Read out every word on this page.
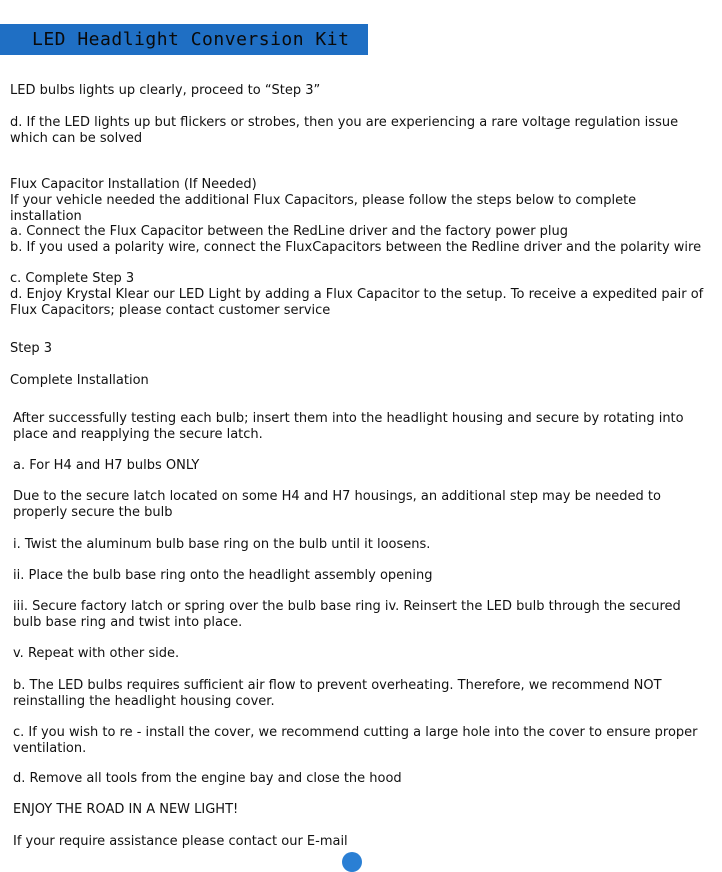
LED Headlight Conversion Kit
LED bulbs lights up clearly, proceed to “Step 3”
d. If the LED lights up but flickers or strobes, then you are experiencing a rare voltage regulation issue which can be solved
Flux Capacitor Installation (If Needed)
If your vehicle needed the additional Flux Capacitors, please follow the steps below to complete installation
a. Connect the Flux Capacitor between the RedLine driver and the factory power plug
b. If you used a polarity wire, connect the FluxCapacitors between the Redline driver and the polarity wire
c. Complete Step 3
d. Enjoy Krystal Klear our LED Light by adding a Flux Capacitor to the setup. To receive a expedited pair of Flux Capacitors; please contact customer service
Step 3
Complete Installation
After successfully testing each bulb; insert them into the headlight housing and secure by rotating into place and reapplying the secure latch.
a. For H4 and H7 bulbs ONLY
Due to the secure latch located on some H4 and H7 housings, an additional step may be needed to properly secure the bulb
i. Twist the aluminum bulb base ring on the bulb until it loosens.
ii. Place the bulb base ring onto the headlight assembly opening
iii. Secure factory latch or spring over the bulb base ring iv. Reinsert the LED bulb through the secured bulb base ring and twist into place.
v. Repeat with other side.
b. The LED bulbs requires sufficient air flow to prevent overheating. Therefore, we recommend NOT reinstalling the headlight housing cover.
c. If you wish to re - install the cover, we recommend cutting a large hole into the cover to ensure proper ventilation.
d. Remove all tools from the engine bay and close the hood
ENJOY THE ROAD IN A NEW LIGHT!
If your require assistance please contact our E-mail
